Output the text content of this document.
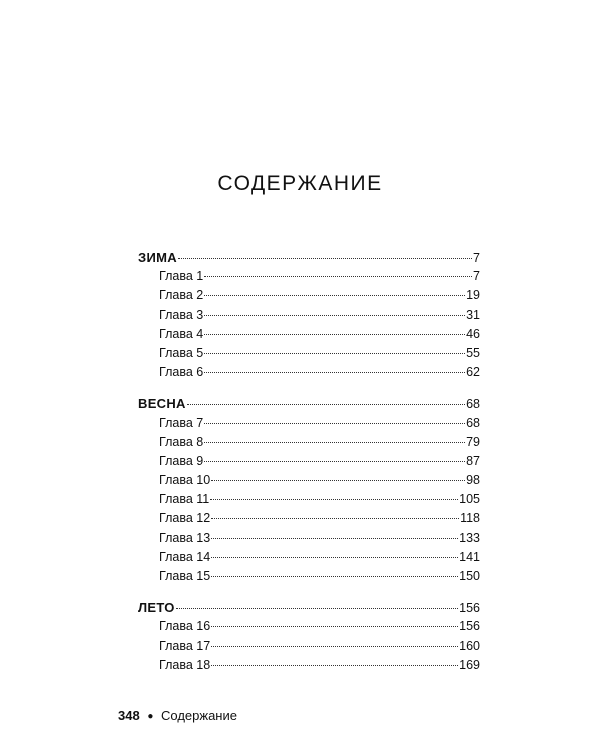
СОДЕРЖАНИЕ
ЗИМА	7
Глава 1	7
Глава 2	19
Глава 3	31
Глава 4	46
Глава 5	55
Глава 6	62
ВЕСНА	68
Глава 7	68
Глава 8	79
Глава 9	87
Глава 10	98
Глава 11	105
Глава 12	118
Глава 13	133
Глава 14	141
Глава 15	150
ЛЕТО	156
Глава 16	156
Глава 17	160
Глава 18	169
348 ● Содержание
